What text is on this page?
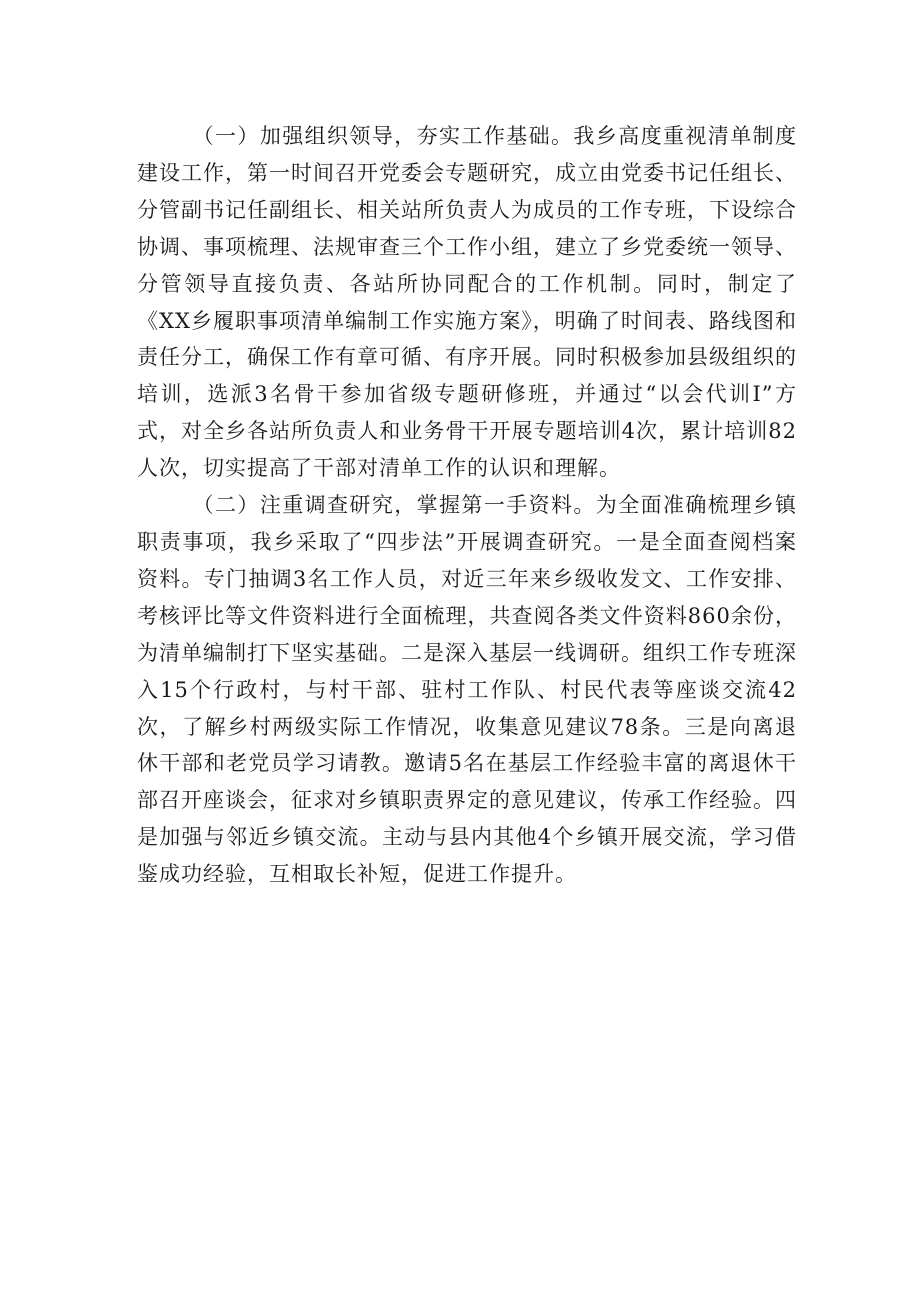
（一）加强组织领导，夯实工作基础。我乡高度重视清单制度建设工作，第一时间召开党委会专题研究，成立由党委书记任组长、分管副书记任副组长、相关站所负责人为成员的工作专班，下设综合协调、事项梳理、法规审查三个工作小组，建立了乡党委统一领导、分管领导直接负责、各站所协同配合的工作机制。同时，制定了《XX乡履职事项清单编制工作实施方案》，明确了时间表、路线图和责任分工，确保工作有章可循、有序开展。同时积极参加县级组织的培训，选派3名骨干参加省级专题研修班，并通过“以会代训I”方式，对全乡各站所负责人和业务骨干开展专题培训4次，累计培训82人次，切实提高了干部对清单工作的认识和理解。

（二）注重调查研究，掌握第一手资料。为全面准确梳理乡镇职责事项，我乡采取了“四步法”开展调查研究。一是全面查阅档案资料。专门抽调3名工作人员，对近三年来乡级收发文、工作安排、考核评比等文件资料进行全面梳理，共查阅各类文件资料860余份，为清单编制打下坚实基础。二是深入基层一线调研。组织工作专班深入15个行政村，与村干部、驻村工作队、村民代表等座谈交流42次，了解乡村两级实际工作情况，收集意见建议78条。三是向离退休干部和老党员学习请教。邀请5名在基层工作经验丰富的离退休干部召开座谈会，征求对乡镇职责界定的意见建议，传承工作经验。四是加强与邻近乡镇交流。主动与县内其他4个乡镇开展交流，学习借鉴成功经验，互相取长补短，促进工作提升。
